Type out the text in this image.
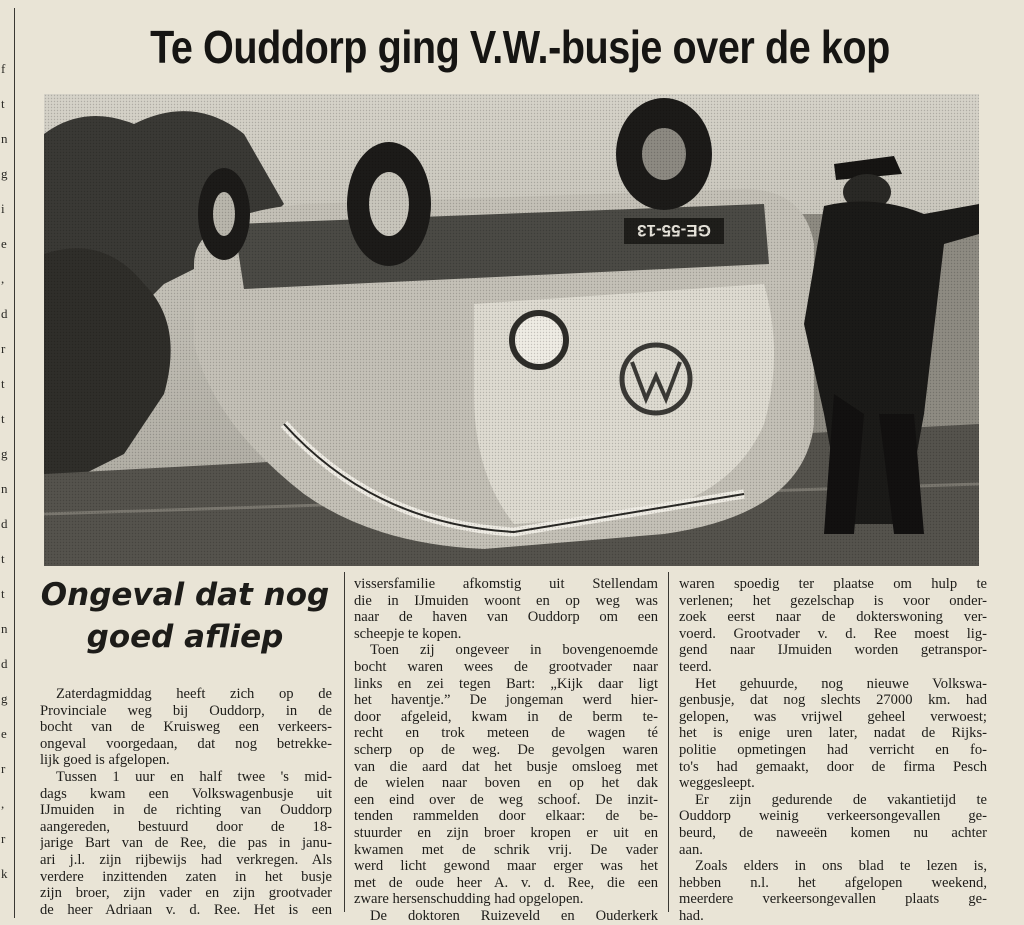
f
t
n
g
i
e
,
d
r
t
t
g
n
d
t
t
n
d
g
e
r
,
r
k
Te Ouddorp ging V.W.-busje over de kop
Ongeval dat nog
goed afliep
Zaterdagmiddag heeft zich op de
Provinciale weg bij Ouddorp, in de
bocht van de Kruisweg een verkeers-
ongeval voorgedaan, dat nog betrekke-
lijk goed is afgelopen.
Tussen 1 uur en half twee 's mid-
dags kwam een Volkswagenbusje uit
IJmuiden in de richting van Ouddorp
aangereden, bestuurd door de 18-
jarige Bart van de Ree, die pas in janu-
ari j.l. zijn rijbewijs had verkregen. Als
verdere inzittenden zaten in het busje
zijn broer, zijn vader en zijn grootvader
de heer Adriaan v. d. Ree. Het is een
vissersfamilie afkomstig uit Stellendam
die in IJmuiden woont en op weg was
naar de haven van Ouddorp om een
scheepje te kopen.
Toen zij ongeveer in bovengenoemde
bocht waren wees de grootvader naar
links en zei tegen Bart: „Kijk daar ligt
het haventje.” De jongeman werd hier-
door afgeleid, kwam in de berm te-
recht en trok meteen de wagen té
scherp op de weg. De gevolgen waren
van die aard dat het busje omsloeg met
de wielen naar boven en op het dak
een eind over de weg schoof. De inzit-
tenden rammelden door elkaar: de be-
stuurder en zijn broer kropen er uit en
kwamen met de schrik vrij. De vader
werd licht gewond maar erger was het
met de oude heer A. v. d. Ree, die een
zware hersenschudding had opgelopen.
De doktoren Ruizeveld en Ouderkerk
waren spoedig ter plaatse om hulp te
verlenen; het gezelschap is voor onder-
zoek eerst naar de dokterswoning ver-
voerd. Grootvader v. d. Ree moest lig-
gend naar IJmuiden worden getranspor-
teerd.
Het gehuurde, nog nieuwe Volkswa-
genbusje, dat nog slechts 27000 km. had
gelopen, was vrijwel geheel verwoest;
het is enige uren later, nadat de Rijks-
politie opmetingen had verricht en fo-
to's had gemaakt, door de firma Pesch
weggesleept.
Er zijn gedurende de vakantietijd te
Ouddorp weinig verkeersongevallen ge-
beurd, de naweeën komen nu achter
aan.
Zoals elders in ons blad te lezen is,
hebben n.l. het afgelopen weekend,
meerdere verkeersongevallen plaats ge-
had.
